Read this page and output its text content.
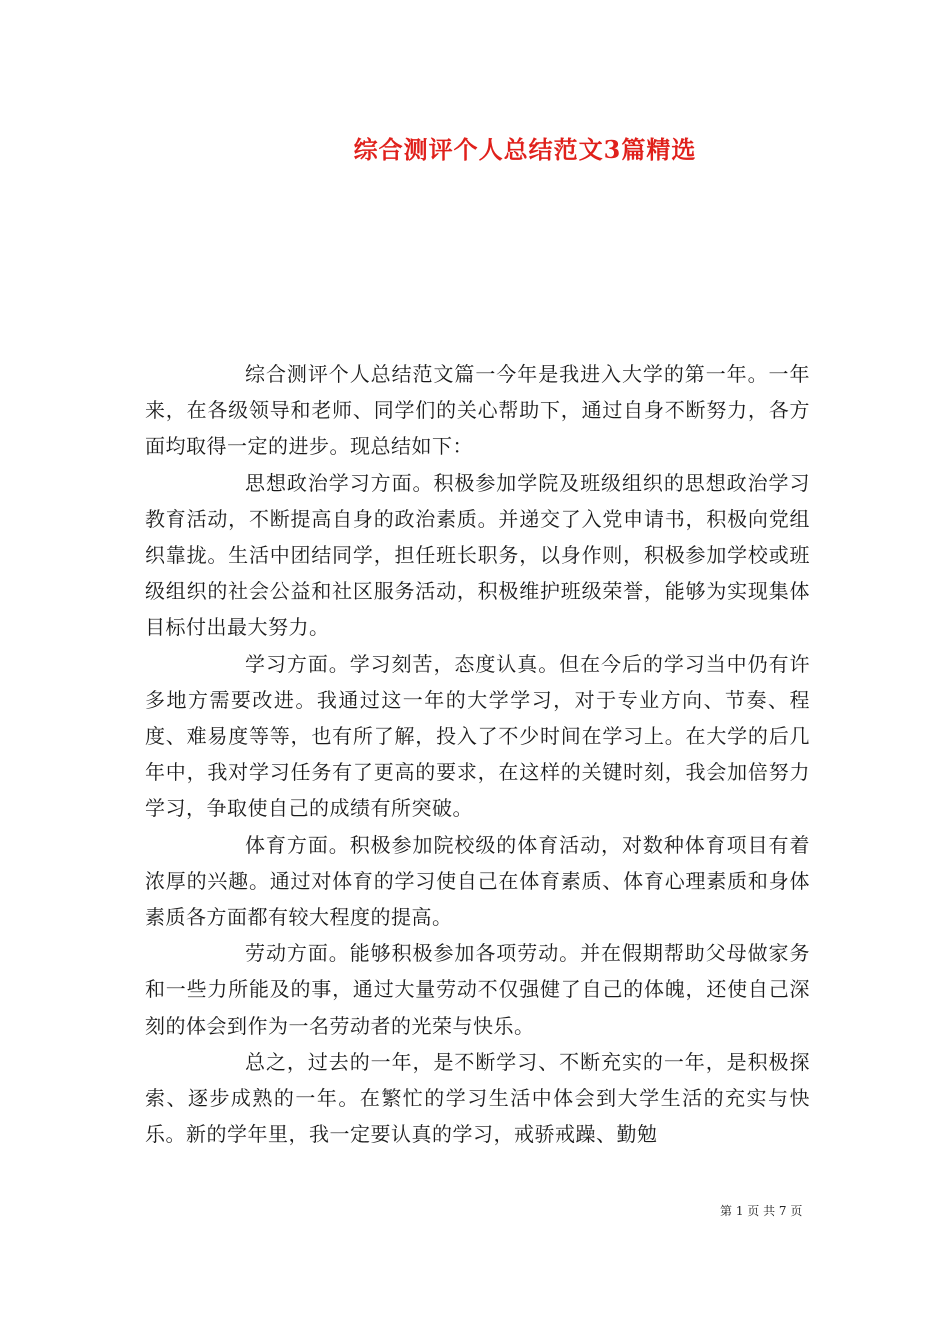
综合测评个人总结范文3篇精选

综合测评个人总结范文篇一今年是我进入大学的第一年。一年来，在各级领导和老师、同学们的关心帮助下，通过自身不断努力，各方面均取得一定的进步。现总结如下：

思想政治学习方面。积极参加学院及班级组织的思想政治学习教育活动，不断提高自身的政治素质。并递交了入党申请书，积极向党组织靠拢。生活中团结同学，担任班长职务，以身作则，积极参加学校或班级组织的社会公益和社区服务活动，积极维护班级荣誉，能够为实现集体目标付出最大努力。

学习方面。学习刻苦，态度认真。但在今后的学习当中仍有许多地方需要改进。我通过这一年的大学学习，对于专业方向、节奏、程度、难易度等等，也有所了解，投入了不少时间在学习上。在大学的后几年中，我对学习任务有了更高的要求，在这样的关键时刻，我会加倍努力学习，争取使自己的成绩有所突破。

体育方面。积极参加院校级的体育活动，对数种体育项目有着浓厚的兴趣。通过对体育的学习使自己在体育素质、体育心理素质和身体素质各方面都有较大程度的提高。

劳动方面。能够积极参加各项劳动。并在假期帮助父母做家务和一些力所能及的事，通过大量劳动不仅强健了自己的体魄，还使自己深刻的体会到作为一名劳动者的光荣与快乐。

总之，过去的一年，是不断学习、不断充实的一年，是积极探索、逐步成熟的一年。在繁忙的学习生活中体会到大学生活的充实与快乐。新的学年里，我一定要认真的学习，戒骄戒躁、勤勉

第 1 页 共 7 页
